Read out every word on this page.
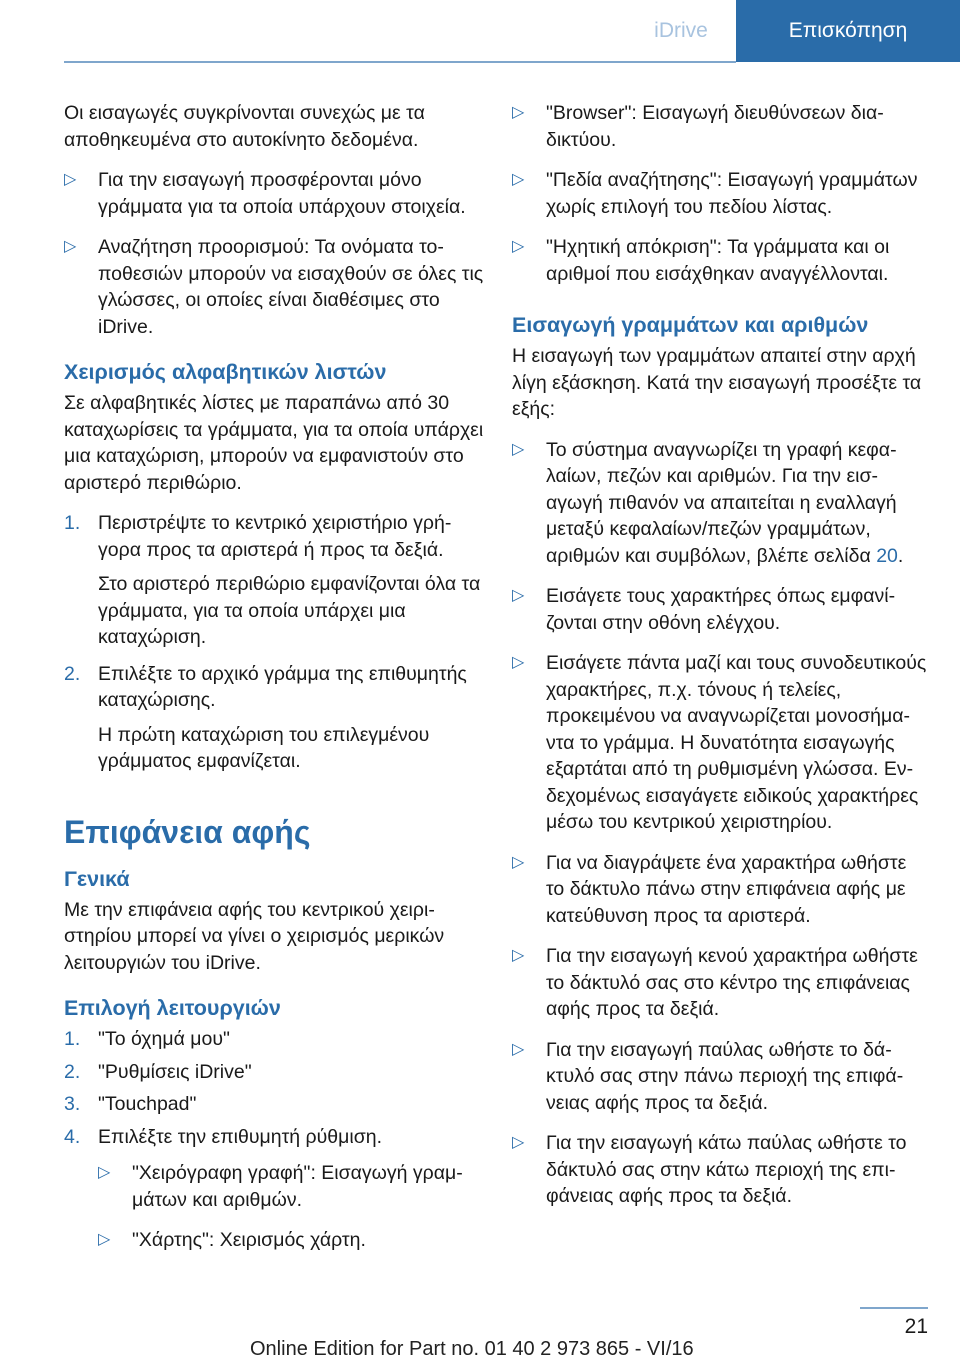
iDrive	Επισκόπηση

Οι εισαγωγές συγκρίνονται συνεχώς με τα αποθηκευμένα στο αυτοκίνητο δεδομένα.

▷ Για την εισαγωγή προσφέρονται μόνο γράμματα για τα οποία υπάρχουν στοιχεία.
▷ Αναζήτηση προορισμού: Τα ονόματα τοποθεσιών μπορούν να εισαχθούν σε όλες τις γλώσσες, οι οποίες είναι διαθέσιμες στο iDrive.
Χειρισμός αλφαβητικών λιστών

Σε αλφαβητικές λίστες με παραπάνω από 30 καταχωρίσεις τα γράμματα, για τα οποία υπάρχει μια καταχώριση, μπορούν να εμφανιστούν στο αριστερό περιθώριο.

1. Περιστρέψτε το κεντρικό χειριστήριο γρήγορα προς τα αριστερά ή προς τα δεξιά.
Στο αριστερό περιθώριο εμφανίζονται όλα τα γράμματα, για τα οποία υπάρχει μια καταχώριση.
2. Επιλέξτε το αρχικό γράμμα της επιθυμητής καταχώρισης.
Η πρώτη καταχώριση του επιλεγμένου γράμματος εμφανίζεται.
Επιφάνεια αφής
Γενικά

Με την επιφάνεια αφής του κεντρικού χειριστηρίου μπορεί να γίνει ο χειρισμός μερικών λειτουργιών του iDrive.

Επιλογή λειτουργιών
1. "Το όχημά μου"
2. "Ρυθμίσεις iDrive"
3. "Touchpad"
4. Επιλέξτε την επιθυμητή ρύθμιση.
▷ "Χειρόγραφη γραφή": Εισαγωγή γραμμάτων και αριθμών.
▷ "Χάρτης": Χειρισμός χάρτη.
▷ "Browser": Εισαγωγή διευθύνσεων διαδικτύου.
▷ "Πεδία αναζήτησης": Εισαγωγή γραμμάτων χωρίς επιλογή του πεδίου λίστας.
▷ "Ηχητική απόκριση": Τα γράμματα και οι αριθμοί που εισάχθηκαν αναγγέλλονται.
Εισαγωγή γραμμάτων και αριθμών

Η εισαγωγή των γραμμάτων απαιτεί στην αρχή λίγη εξάσκηση. Κατά την εισαγωγή προσέξτε τα εξής:

▷ Το σύστημα αναγνωρίζει τη γραφή κεφαλαίων, πεζών και αριθμών. Για την εισαγωγή πιθανόν να απαιτείται η εναλλαγή μεταξύ κεφαλαίων/πεζών γραμμάτων, αριθμών και συμβόλων, βλέπε σελίδα 20.
▷ Εισάγετε τους χαρακτήρες όπως εμφανίζονται στην οθόνη ελέγχου.
▷ Εισάγετε πάντα μαζί και τους συνοδευτικούς χαρακτήρες, π.χ. τόνους ή τελείες, προκειμένου να αναγνωρίζεται μονοσήμαντα το γράμμα. Η δυνατότητα εισαγωγής εξαρτάται από τη ρυθμισμένη γλώσσα. Ενδεχομένως εισαγάγετε ειδικούς χαρακτήρες μέσω του κεντρικού χειριστηρίου.
▷ Για να διαγράψετε ένα χαρακτήρα ωθήστε το δάκτυλο πάνω στην επιφάνεια αφής με κατεύθυνση προς τα αριστερά.
▷ Για την εισαγωγή κενού χαρακτήρα ωθήστε το δάκτυλό σας στο κέντρο της επιφάνειας αφής προς τα δεξιά.
▷ Για την εισαγωγή παύλας ωθήστε το δάκτυλό σας στην πάνω περιοχή της επιφάνειας αφής προς τα δεξιά.
▷ Για την εισαγωγή κάτω παύλας ωθήστε το δάκτυλό σας στην κάτω περιοχή της επιφάνειας αφής προς τα δεξιά.
21
Online Edition for Part no. 01 40 2 973 865 - VI/16
